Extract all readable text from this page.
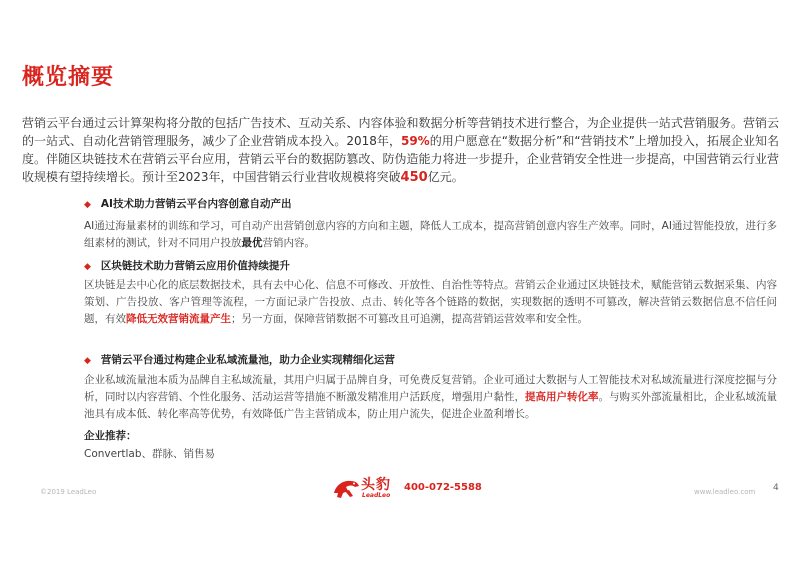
概览摘要

营销云平台通过云计算架构将分散的包括广告技术、互动关系、内容体验和数据分析等营销技术进行整合，为企业提供一站式营销服务。营销云的一站式、自动化营销管理服务，减少了企业营销成本投入。2018年，59%的用户愿意在“数据分析”和“营销技术”上增加投入，拓展企业知名度。伴随区块链技术在营销云平台应用，营销云平台的数据防篡改、防伪造能力将进一步提升，企业营销安全性进一步提高，中国营销云行业营收规模有望持续增长。预计至2023年，中国营销云行业营收规模将突破450亿元。

◆ AI技术助力营销云平台内容创意自动产出

AI通过海量素材的训练和学习，可自动产出营销创意内容的方向和主题，降低人工成本，提高营销创意内容生产效率。同时，AI通过智能投放，进行多组素材的测试，针对不同用户投放最优营销内容。

◆ 区块链技术助力营销云应用价值持续提升

区块链是去中心化的底层数据技术，具有去中心化、信息不可修改、开放性、自治性等特点。营销云企业通过区块链技术，赋能营销云数据采集、内容策划、广告投放、客户管理等流程，一方面记录广告投放、点击、转化等各个链路的数据，实现数据的透明不可篡改，解决营销云数据信息不信任问题，有效降低无效营销流量产生；另一方面，保障营销数据不可篡改且可追溯，提高营销运营效率和安全性。

◆ 营销云平台通过构建企业私域流量池，助力企业实现精细化运营

企业私域流量池本质为品牌自主私域流量，其用户归属于品牌自身，可免费反复营销。企业可通过大数据与人工智能技术对私域流量进行深度挖掘与分析，同时以内容营销、个性化服务、活动运营等措施不断激发精准用户活跃度，增强用户黏性，提高用户转化率。与购买外部流量相比，企业私域流量池具有成本低、转化率高等优势，有效降低广告主营销成本，防止用户流失，促进企业盈利增长。

企业推荐：

Convertlab、群脉、销售易

©2019 LeadLeo	头豹
LeadLeo
400-072-5588	www.leadleo.com 4
